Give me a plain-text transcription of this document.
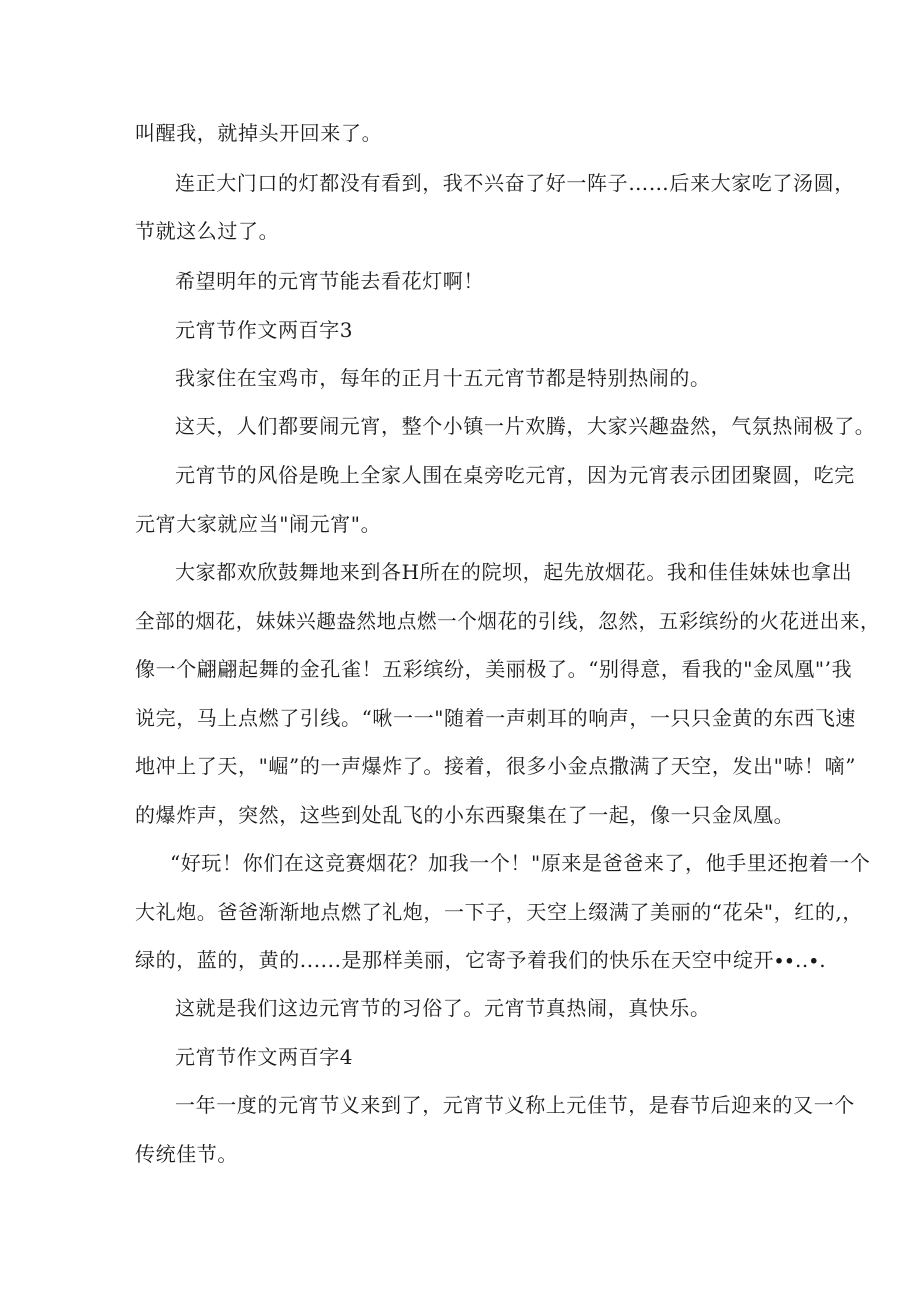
叫醒我，就掉头开回来了。
连正大门口的灯都没有看到，我不兴奋了好一阵子……后来大家吃了汤圆，
节就这么过了。
希望明年的元宵节能去看花灯啊！
元宵节作文两百字3
我家住在宝鸡市，每年的正月十五元宵节都是特别热闹的。
这天，人们都要闹元宵，整个小镇一片欢腾，大家兴趣盎然，气氛热闹极了。
元宵节的风俗是晚上全家人围在桌旁吃元宵，因为元宵表示团团聚圆，吃完
元宵大家就应当"闹元宵"。
大家都欢欣鼓舞地来到各H所在的院坝，起先放烟花。我和佳佳妹妹也拿出
全部的烟花，妹妹兴趣盎然地点燃一个烟花的引线，忽然，五彩缤纷的火花迸出来，
像一个翩翩起舞的金孔雀！五彩缤纷，美丽极了。“别得意，看我的"金凤凰"’我
说完，马上点燃了引线。“啾一一"随着一声刺耳的响声，一只只金黄的东西飞速
地冲上了天，"崛”的一声爆炸了。接着，很多小金点撒满了天空，发出"哧！嘀”
的爆炸声，突然，这些到处乱飞的小东西聚集在了一起，像一只金凤凰。
“好玩！你们在这竞赛烟花？加我一个！"原来是爸爸来了，他手里还抱着一个
大礼炮。爸爸渐渐地点燃了礼炮，一下子，天空上缀满了美丽的“花朵"，红的,，
绿的，蓝的，黄的......是那样美丽，它寄予着我们的快乐在天空中绽开∙∙..∙.
这就是我们这边元宵节的习俗了。元宵节真热闹，真快乐。
元宵节作文两百字4
一年一度的元宵节义来到了，元宵节义称上元佳节，是春节后迎来的又一个
传统佳节。
